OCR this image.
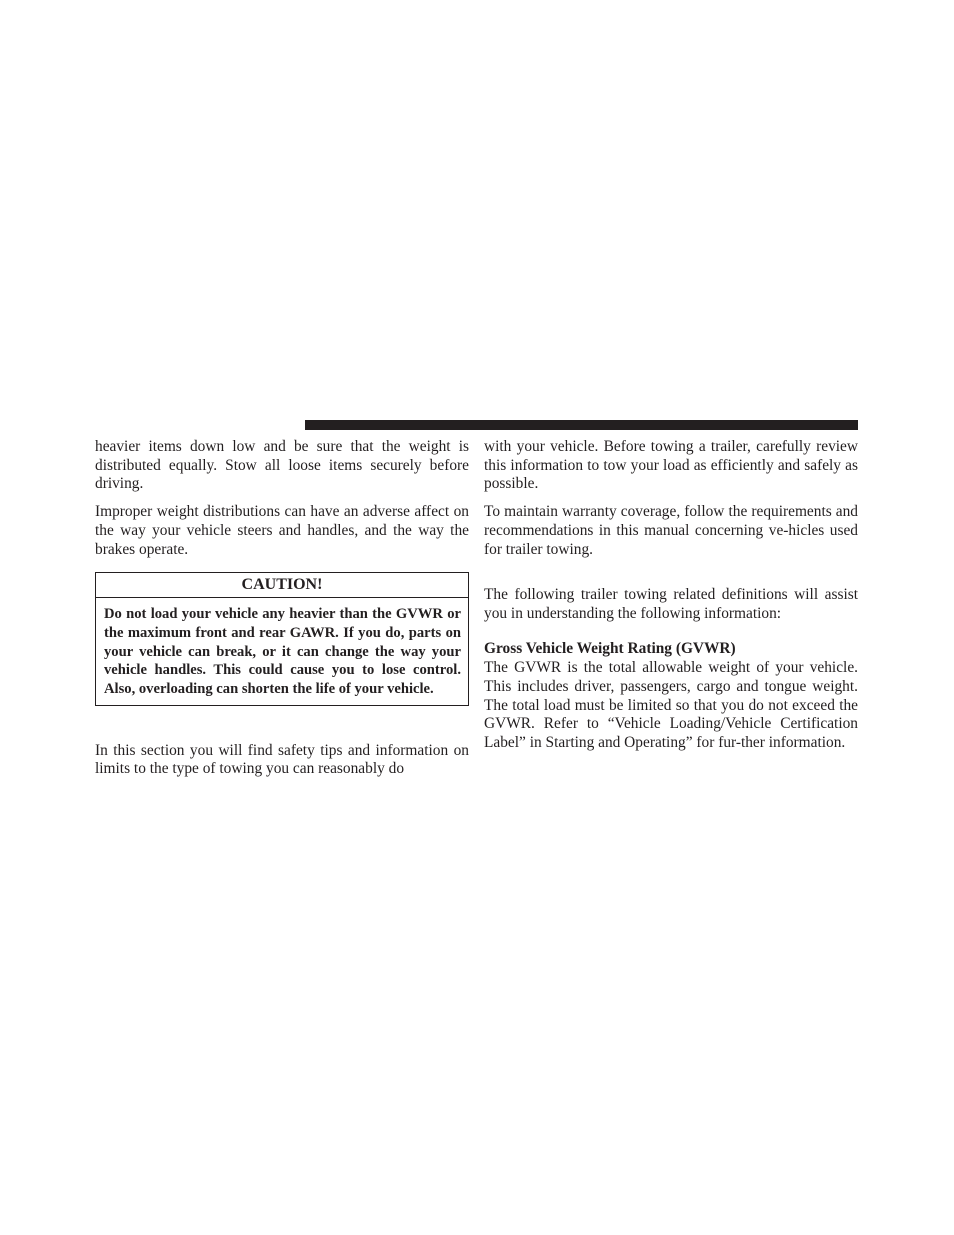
heavier items down low and be sure that the weight is distributed equally. Stow all loose items securely before driving.

Improper weight distributions can have an adverse affect on the way your vehicle steers and handles, and the way the brakes operate.

CAUTION!
Do not load your vehicle any heavier than the GVWR or the maximum front and rear GAWR. If you do, parts on your vehicle can break, or it can change the way your vehicle handles. This could cause you to lose control. Also, overloading can shorten the life of your vehicle.

In this section you will find safety tips and information on limits to the type of towing you can reasonably do

with your vehicle. Before towing a trailer, carefully review this information to tow your load as efficiently and safely as possible.

To maintain warranty coverage, follow the requirements and recommendations in this manual concerning ve-hicles used for trailer towing.

The following trailer towing related definitions will assist you in understanding the following information:

Gross Vehicle Weight Rating (GVWR)

The GVWR is the total allowable weight of your vehicle. This includes driver, passengers, cargo and tongue weight. The total load must be limited so that you do not exceed the GVWR. Refer to “Vehicle Loading/Vehicle Certification Label” in Starting and Operating” for fur-ther information.
